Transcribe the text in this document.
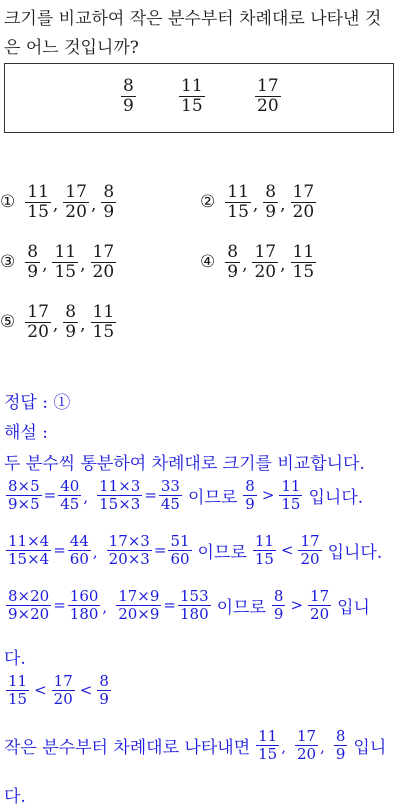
크기를 비교하여 작은 분수부터 차례대로 나타낸 것
은 어느 것입니까?
$\frac{8}{9}$	$\frac{11}{15}$	$\frac{17}{20}$
① $\frac{11}{15}$ , $\frac{17}{20}$ , $\frac{8}{9}$	② $\frac{11}{15}$ , $\frac{8}{9}$ , $\frac{17}{20}$
③ $\frac{8}{9}$ , $\frac{11}{15}$ , $\frac{17}{20}$	④ $\frac{8}{9}$ , $\frac{17}{20}$ , $\frac{11}{15}$
⑤ $\frac{17}{20}$ , $\frac{8}{9}$ , $\frac{11}{15}$
정답 : ①
해설 :
두 분수씩 통분하여 차례대로 크기를 비교합니다.
$\frac{8\times 5}{9\times 5} = \frac{40}{45}$ , $\frac{11\times 3}{15\times 3} = \frac{33}{45}$ 이므로 $\frac{8}{9} > \frac{11}{15}$ 입니다.
$\frac{11\times 4}{15\times 4} = \frac{44}{60}$ , $\frac{17\times 3}{20\times 3} = \frac{51}{60}$ 이므로 $\frac{11}{15} < \frac{17}{20}$ 입니다.
$\frac{8\times 20}{9\times 20} = \frac{160}{180}$ , $\frac{17\times 9}{20\times 9} = \frac{153}{180}$ 이므로 $\frac{8}{9} > \frac{17}{20}$ 입니
다.
$\frac{11}{15} < \frac{17}{20} < \frac{8}{9}$
작은 분수부터 차례대로 나타내면 $\frac{11}{15}$ , $\frac{17}{20}$ , $\frac{8}{9}$ 입니
다.
